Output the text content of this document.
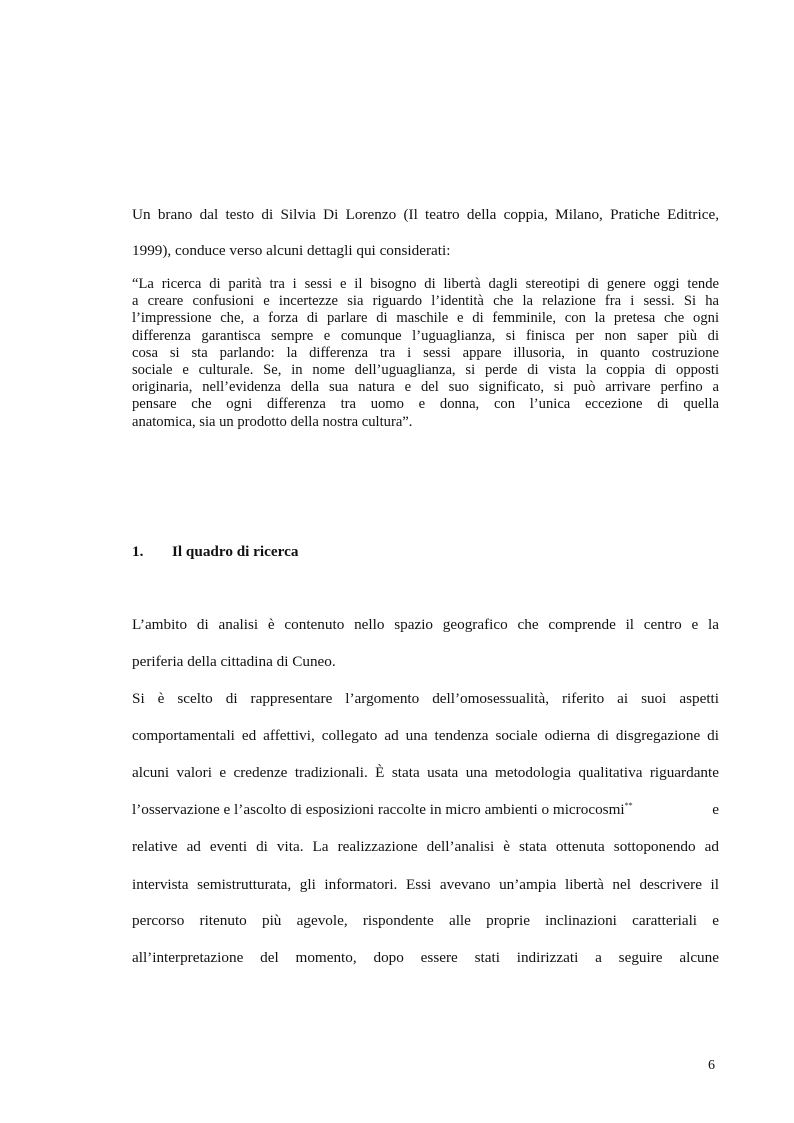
Un brano dal testo di Silvia Di Lorenzo (Il teatro della coppia, Milano, Pratiche Editrice,
1999), conduce verso alcuni dettagli qui considerati:
“La ricerca di parità tra i sessi e il bisogno di libertà dagli stereotipi di genere oggi tende
a creare confusioni e incertezze sia riguardo l’identità che la relazione fra i sessi. Si ha
l’impressione che, a forza di parlare di maschile e di femminile, con la pretesa che ogni
differenza garantisca sempre e comunque l’uguaglianza, si finisca per non saper più di
cosa si sta parlando: la differenza tra i sessi appare illusoria, in quanto costruzione
sociale e culturale. Se, in nome dell’uguaglianza, si perde di vista la coppia di opposti
originaria, nell’evidenza della sua natura e del suo significato, si può arrivare perfino a
pensare che ogni differenza tra uomo e donna, con l’unica eccezione di quella
anatomica, sia un prodotto della nostra cultura”.
1. Il quadro di ricerca
L’ambito di analisi è contenuto nello spazio geografico che comprende il centro e la
periferia della cittadina di Cuneo.
Si è scelto di rappresentare l’argomento dell’omosessualità, riferito ai suoi aspetti
comportamentali ed affettivi, collegato ad una tendenza sociale odierna di disgregazione di
alcuni valori e credenze tradizionali. È stata usata una metodologia qualitativa riguardante
l’osservazione e l’ascolto di esposizioni raccolte in micro ambienti o microcosmi**	e
relative ad eventi di vita. La realizzazione dell’analisi è stata ottenuta sottoponendo ad
intervista semistrutturata, gli informatori. Essi avevano un’ampia libertà nel descrivere il
percorso ritenuto più agevole, rispondente alle proprie inclinazioni caratteriali e
all’interpretazione del momento, dopo essere stati indirizzati a seguire alcune
6
